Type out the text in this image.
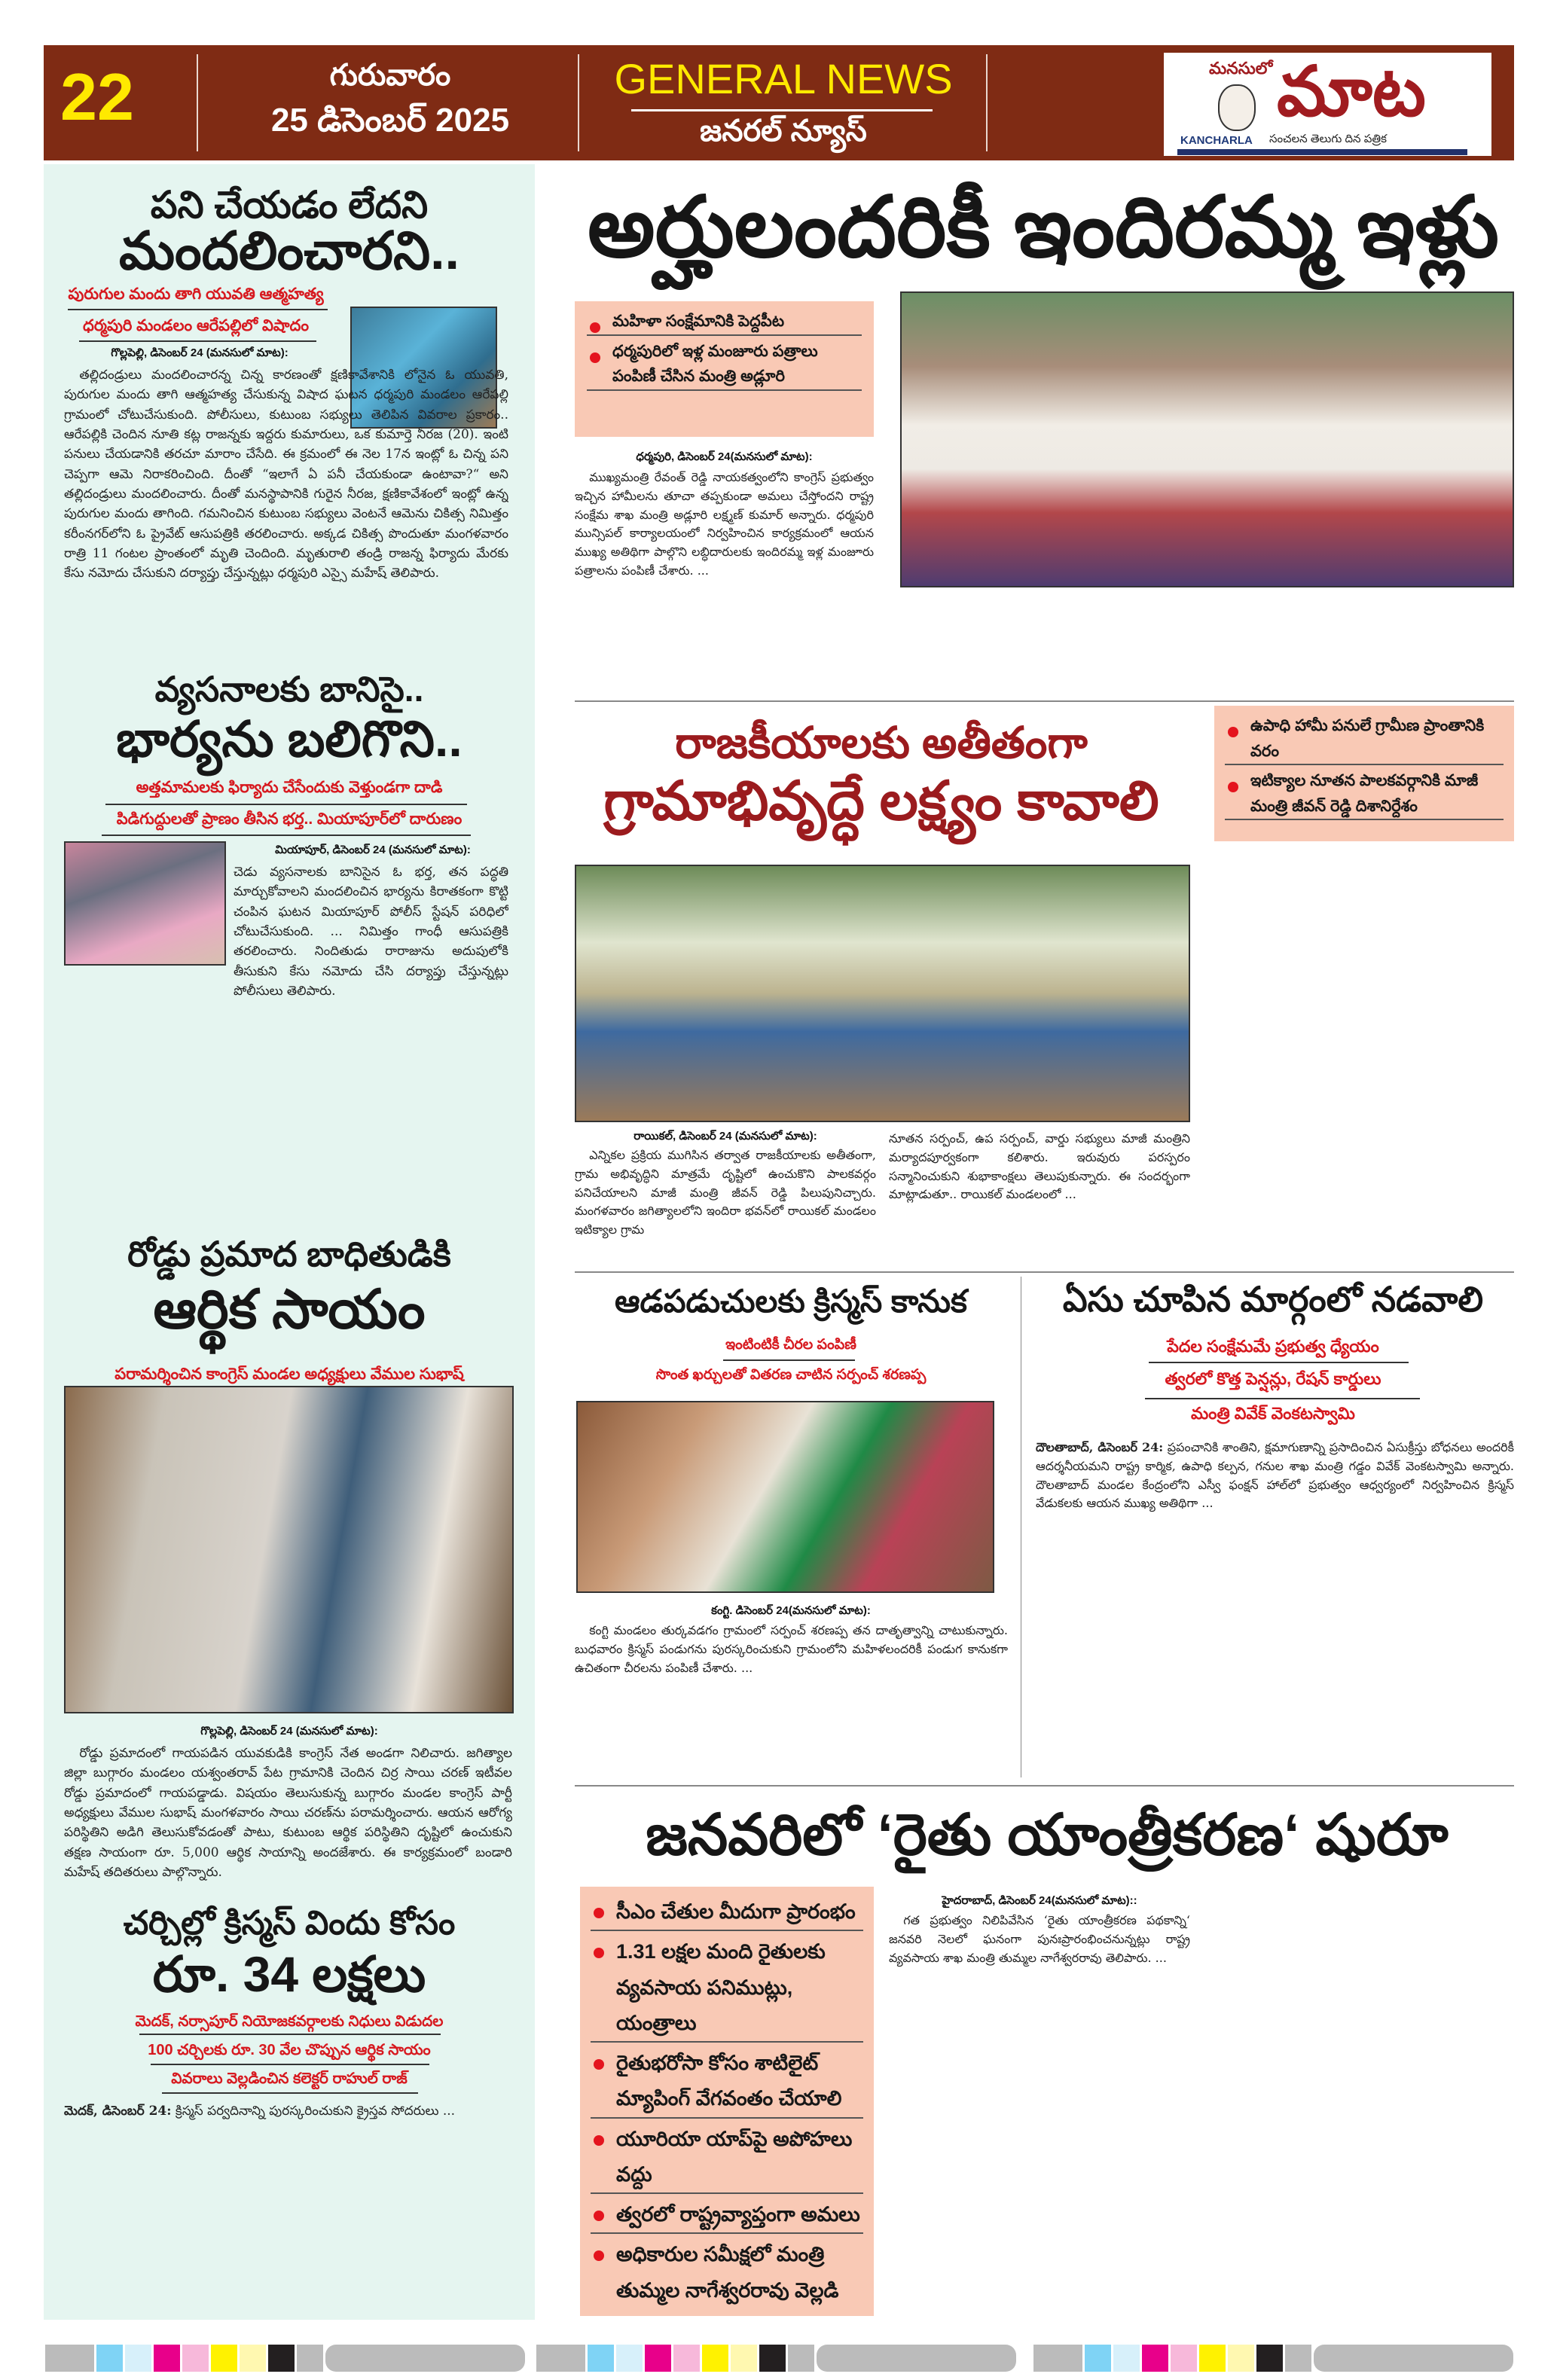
22	గురువారం
25 డిసెంబర్ 2025
GENERAL NEWS
జనరల్ న్యూస్
మనసులో మాట
KANCHARLA సంచలన తెలుగు దిన పత్రిక
పని చేయడం లేదని
మందలించారని..
పురుగుల మందు తాగి యువతి ఆత్మహత్య
ధర్మపురి మండలం ఆరేపల్లిలో విషాదం
గొల్లపెల్లి, డిసెంబర్ 24 (మనసులో మాట):

తల్లిదండ్రులు మందలించారన్న చిన్న కారణంతో క్షణికావేశానికి లోనైన ఓ యువతి, పురుగుల మందు తాగి ఆత్మహత్య చేసుకున్న విషాద ఘటన ధర్మపురి మండలం ఆరేపల్లి గ్రామంలో చోటుచేసుకుంది. పోలీసులు, కుటుంబ సభ్యులు తెలిపిన వివరాల ప్రకారం.. ఆరేపల్లికి చెందిన నూతి కట్ల రాజన్నకు ఇద్దరు కుమారులు, ఒక కుమార్తె నీరజ (20). ఇంటి పనులు చేయడానికి తరచూ మారాం చేసేది. ఈ క్రమంలో ఈ నెల 17న ఇంట్లో ఓ చిన్న పని చెప్పగా ఆమె నిరాకరించింది. దీంతో “ఇలాగే ఏ పనీ చేయకుండా ఉంటావా?“ అని తల్లిదండ్రులు మందలించారు. దీంతో మనస్థాపానికి గురైన నీరజ, క్షణికావేశంలో ఇంట్లో ఉన్న పురుగుల మందు తాగింది. గమనించిన కుటుంబ సభ్యులు వెంటనే ఆమెను చికిత్స నిమిత్తం కరీంనగర్‌లోని ఓ ప్రైవేట్ ఆసుపత్రికి తరలించారు. అక్కడ చికిత్స పొందుతూ మంగళవారం రాత్రి 11 గంటల ప్రాంతంలో మృతి చెందింది. మృతురాలి తండ్రి రాజన్న ఫిర్యాదు మేరకు కేసు నమోదు చేసుకుని దర్యాప్తు చేస్తున్నట్లు ధర్మపురి ఎస్సై మహేష్ తెలిపారు.

వ్యసనాలకు బానిసై..
భార్యను బలిగొని..
అత్తమామలకు ఫిర్యాదు చేసేందుకు వెళ్తుండగా దాడి
పిడిగుద్దులతో ప్రాణం తీసిన భర్త.. మియాపూర్‌లో దారుణం
మియాపూర్, డిసెంబర్ 24 (మనసులో మాట):

చెడు వ్యసనాలకు బానిసైన ఓ భర్త, తన పద్ధతి మార్చుకోవాలని మందలించిన భార్యను కిరాతకంగా కొట్టి చంపిన ఘటన మియాపూర్ పోలీస్ స్టేషన్ పరిధిలో చోటుచేసుకుంది. ... నిమిత్తం గాంధీ ఆసుపత్రికి తరలించారు. నిందితుడు రారాజును అదుపులోకి తీసుకుని కేసు నమోదు చేసి దర్యాప్తు చేస్తున్నట్లు పోలీసులు తెలిపారు.

రోడ్డు ప్రమాద బాధితుడికి
ఆర్థిక సాయం
పరామర్శించిన కాంగ్రెస్ మండల అధ్యక్షులు వేముల సుభాష్
గొల్లపెల్లి, డిసెంబర్ 24 (మనసులో మాట):

రోడ్డు ప్రమాదంలో గాయపడిన యువకుడికి కాంగ్రెస్ నేత అండగా నిలిచారు. జగిత్యాల జిల్లా బుగ్గారం మండలం యశ్వంతరావ్ పేట గ్రామానికి చెందిన చిర్ర సాయి చరణ్ ఇటీవల రోడ్డు ప్రమాదంలో గాయపడ్డాడు. విషయం తెలుసుకున్న బుగ్గారం మండల కాంగ్రెస్ పార్టీ అధ్యక్షులు వేముల సుభాష్ మంగళవారం సాయి చరణ్‌ను పరామర్శించారు. ఆయన ఆరోగ్య పరిస్థితిని అడిగి తెలుసుకోవడంతో పాటు, కుటుంబ ఆర్థిక పరిస్థితిని దృష్టిలో ఉంచుకుని తక్షణ సాయంగా రూ. 5,000 ఆర్థిక సాయాన్ని అందజేశారు. ఈ కార్యక్రమంలో బండారి మహేష్ తదితరులు పాల్గొన్నారు.

చర్చిల్లో క్రిస్మస్ విందు కోసం
రూ. 34 లక్షలు
మెదక్, నర్సాపూర్ నియోజకవర్గాలకు నిధులు విడుదల
100 చర్చిలకు రూ. 30 వేల చొప్పున ఆర్థిక సాయం
వివరాలు వెల్లడించిన కలెక్టర్ రాహుల్ రాజ్

మెదక్, డిసెంబర్ 24: క్రిస్మస్ పర్వదినాన్ని పురస్కరించుకుని క్రైస్తవ సోదరులు ...

అర్హులందరికీ ఇందిరమ్మ ఇళ్లు
మహిళా సంక్షేమానికి పెద్దపీట
ధర్మపురిలో ఇళ్ల మంజూరు పత్రాలు పంపిణీ చేసిన మంత్రి అడ్లూరి
ధర్మపురి, డిసెంబర్ 24(మనసులో మాట):

ముఖ్యమంత్రి రేవంత్ రెడ్డి నాయకత్వంలోని కాంగ్రెస్ ప్రభుత్వం ఇచ్చిన హామీలను తూచా తప్పకుండా అమలు చేస్తోందని రాష్ట్ర సంక్షేమ శాఖ మంత్రి అడ్లూరి లక్ష్మణ్ కుమార్ అన్నారు. ధర్మపురి మున్సిపల్ కార్యాలయంలో నిర్వహించిన కార్యక్రమంలో ఆయన ముఖ్య అతిథిగా పాల్గొని లబ్ధిదారులకు ఇందిరమ్మ ఇళ్ల మంజూరు పత్రాలను పంపిణీ చేశారు. ...

రాజకీయాలకు అతీతంగా
గ్రామాభివృద్ధే లక్ష్యం కావాలి
ఉపాధి హామీ పనులే గ్రామీణ ప్రాంతానికి వరం
ఇటిక్యాల నూతన పాలకవర్గానికి మాజీ మంత్రి జీవన్ రెడ్డి దిశానిర్దేశం
రాయికల్, డిసెంబర్ 24 (మనసులో మాట):

ఎన్నికల ప్రక్రియ ముగిసిన తర్వాత రాజకీయాలకు అతీతంగా, గ్రామ అభివృద్ధిని మాత్రమే దృష్టిలో ఉంచుకొని పాలకవర్గం పనిచేయాలని మాజీ మంత్రి జీవన్ రెడ్డి పిలుపునిచ్చారు. మంగళవారం జగిత్యాలలోని ఇందిరా భవన్‌లో రాయికల్ మండలం ఇటిక్యాల గ్రామ

నూతన సర్పంచ్, ఉప సర్పంచ్, వార్డు సభ్యులు మాజీ మంత్రిని మర్యాదపూర్వకంగా కలిశారు. ఇరువురు పరస్పరం సన్మానించుకుని శుభాకాంక్షలు తెలుపుకున్నారు. ఈ సందర్భంగా మాట్లాడుతూ.. రాయికల్ మండలంలో ...

ఆడపడుచులకు క్రిస్మస్ కానుక
ఇంటింటికీ చీరల పంపిణీ
సొంత ఖర్చులతో వితరణ చాటిన సర్పంచ్ శరణప్ప
కంగ్టి. డిసెంబర్ 24(మనసులో మాట):

కంగ్టి మండలం తుర్కవడగం గ్రామంలో సర్పంచ్ శరణప్ప తన దాతృత్వాన్ని చాటుకున్నారు. బుధవారం క్రిస్మస్ పండుగను పురస్కరించుకుని గ్రామంలోని మహిళలందరికీ పండుగ కానుకగా ఉచితంగా చీరలను పంపిణీ చేశారు. ...

ఏసు చూపిన మార్గంలో నడవాలి
పేదల సంక్షేమమే ప్రభుత్వ ధ్యేయం
త్వరలో కొత్త పెన్షన్లు, రేషన్ కార్డులు
మంత్రి వివేక్ వెంకటస్వామి

దౌలతాబాద్, డిసెంబర్ 24: ప్రపంచానికి శాంతిని, క్షమాగుణాన్ని ప్రసాదించిన ఏసుక్రీస్తు బోధనలు అందరికీ ఆదర్శనీయమని రాష్ట్ర కార్మిక, ఉపాధి కల్పన, గనుల శాఖ మంత్రి గడ్డం వివేక్ వెంకటస్వామి అన్నారు. దౌలతాబాద్ మండల కేంద్రంలోని ఎస్వీ ఫంక్షన్ హాల్‌లో ప్రభుత్వం ఆధ్వర్యంలో నిర్వహించిన క్రిస్మస్ వేడుకలకు ఆయన ముఖ్య అతిథిగా ...

జనవరిలో ‘రైతు యాంత్రీకరణ‘ షురూ
సీఎం చేతుల మీదుగా ప్రారంభం
1.31 లక్షల మంది రైతులకు వ్యవసాయ పనిముట్లు, యంత్రాలు
రైతుభరోసా కోసం శాటిలైట్ మ్యాపింగ్ వేగవంతం చేయాలి
యూరియా యాప్‌పై అపోహలు వద్దు
త్వరలో రాష్ట్రవ్యాప్తంగా అమలు
అధికారుల సమీక్షలో మంత్రి తుమ్మల నాగేశ్వరరావు వెల్లడి
హైదరాబాద్, డిసెంబర్ 24(మనసులో మాట)::

గత ప్రభుత్వం నిలిపివేసిన ‘రైతు యాంత్రీకరణ పథకాన్ని‘ జనవరి నెలలో ఘనంగా పునఃప్రారంభించనున్నట్లు రాష్ట్ర వ్యవసాయ శాఖ మంత్రి తుమ్మల నాగేశ్వరరావు తెలిపారు. ...
